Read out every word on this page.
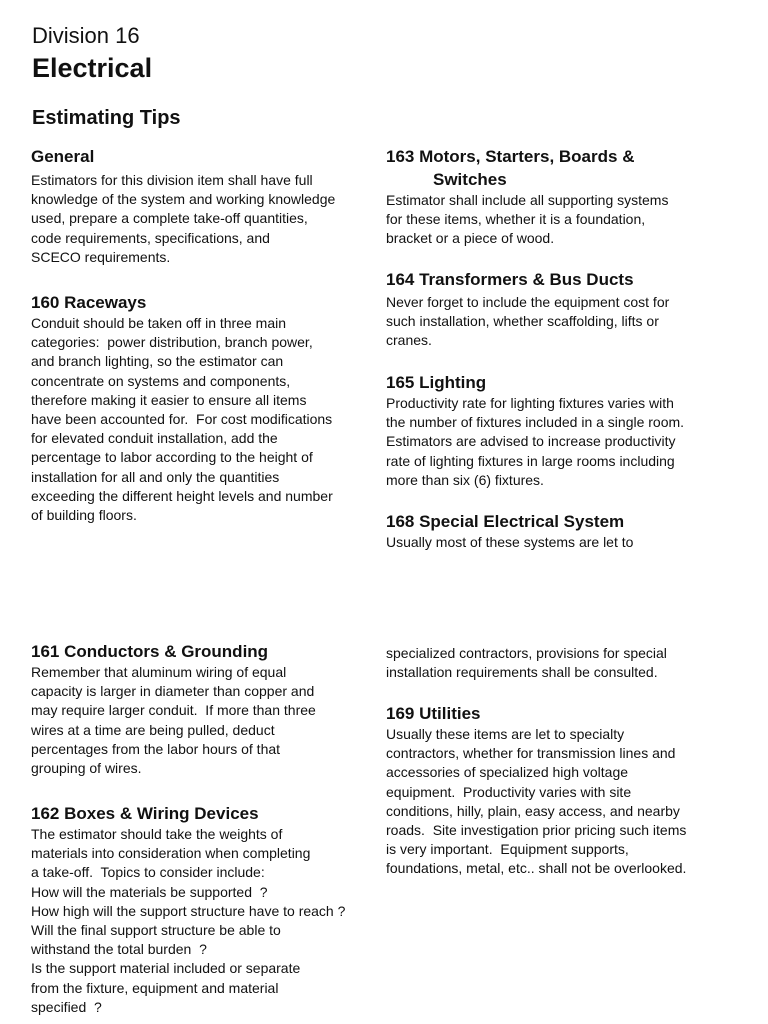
Division 16
Electrical
Estimating Tips
General
Estimators for this division item shall have full
knowledge of the system and working knowledge
used, prepare a complete take-off quantities,
code requirements, specifications, and
SCECO requirements.
160 Raceways
Conduit should be taken off in three main
categories:  power distribution, branch power,
and branch lighting, so the estimator can
concentrate on systems and components,
therefore making it easier to ensure all items
have been accounted for.  For cost modifications
for elevated conduit installation, add the
percentage to labor according to the height of
installation for all and only the quantities
exceeding the different height levels and number
of building floors.
161 Conductors & Grounding
Remember that aluminum wiring of equal
capacity is larger in diameter than copper and
may require larger conduit.  If more than three
wires at a time are being pulled, deduct
percentages from the labor hours of that
grouping of wires.
162 Boxes & Wiring Devices
The estimator should take the weights of
materials into consideration when completing
a take-off.  Topics to consider include:
How will the materials be supported  ?
How high will the support structure have to reach ?
Will the final support structure be able to
withstand the total burden  ?
Is the support material included or separate
from the fixture, equipment and material
specified  ?
163 Motors, Starters, Boards &
Switches
Estimator shall include all supporting systems
for these items, whether it is a foundation,
bracket or a piece of wood.
164 Transformers & Bus Ducts
Never forget to include the equipment cost for
such installation, whether scaffolding, lifts or
cranes.
165 Lighting
Productivity rate for lighting fixtures varies with
the number of fixtures included in a single room.
Estimators are advised to increase productivity
rate of lighting fixtures in large rooms including
more than six (6) fixtures.
168 Special Electrical System
Usually most of these systems are let to
specialized contractors, provisions for special
installation requirements shall be consulted.
169 Utilities
Usually these items are let to specialty
contractors, whether for transmission lines and
accessories of specialized high voltage
equipment.  Productivity varies with site
conditions, hilly, plain, easy access, and nearby
roads.  Site investigation prior pricing such items
is very important.  Equipment supports,
foundations, metal, etc.. shall not be overlooked.
